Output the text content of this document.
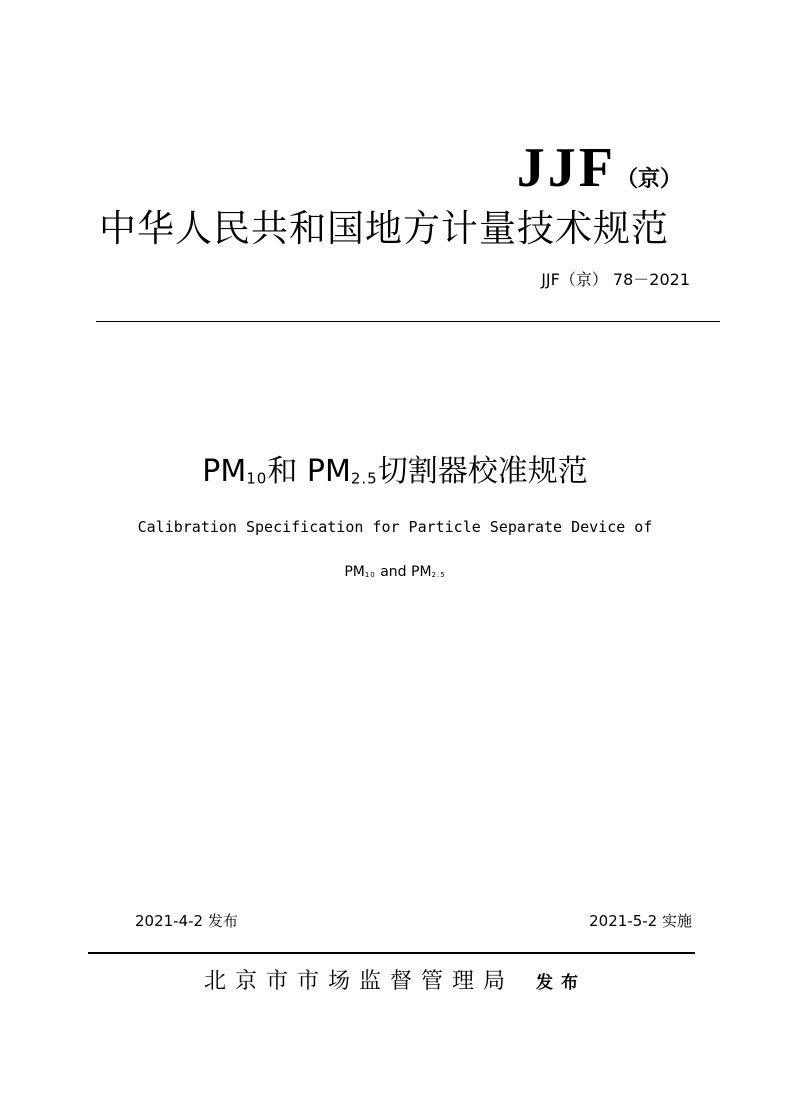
JJF（京）
中华人民共和国地方计量技术规范
JJF（京） 78－2021
$PM_{10}$和 $PM_{2.5}$切割器校准规范
Calibration Specification for Particle Separate Device of
$PM_{10}$ and $PM_{2.5}$
2021-4-2 发布	2021-5-2 实施
北京市市场监督管理局 发布
